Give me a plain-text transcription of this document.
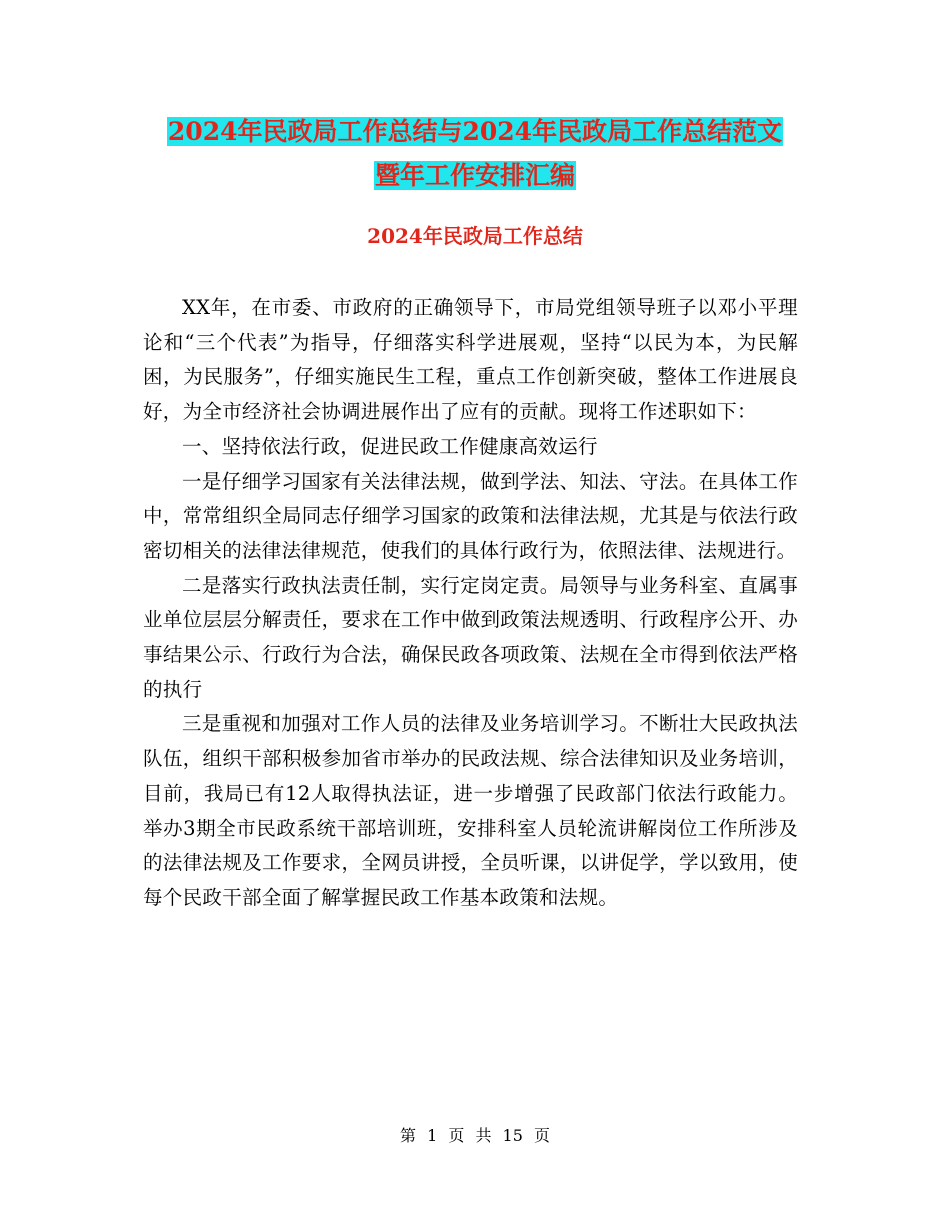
2024年民政局工作总结与2024年民政局工作总结范文
暨年工作安排汇编
2024年民政局工作总结

XX年，在市委、市政府的正确领导下，市局党组领导班子以邓小平理论和“三个代表”为指导，仔细落实科学进展观，坚持“以民为本，为民解困，为民服务”，仔细实施民生工程，重点工作创新突破，整体工作进展良好，为全市经济社会协调进展作出了应有的贡献。现将工作述职如下：

一、坚持依法行政，促进民政工作健康高效运行

一是仔细学习国家有关法律法规，做到学法、知法、守法。在具体工作中，常常组织全局同志仔细学习国家的政策和法律法规，尤其是与依法行政密切相关的法律法律规范，使我们的具体行政行为，依照法律、法规进行。

二是落实行政执法责任制，实行定岗定责。局领导与业务科室、直属事业单位层层分解责任，要求在工作中做到政策法规透明、行政程序公开、办事结果公示、行政行为合法，确保民政各项政策、法规在全市得到依法严格的执行

三是重视和加强对工作人员的法律及业务培训学习。不断壮大民政执法队伍，组织干部积极参加省市举办的民政法规、综合法律知识及业务培训，目前，我局已有12人取得执法证，进一步增强了民政部门依法行政能力。举办3期全市民政系统干部培训班，安排科室人员轮流讲解岗位工作所涉及的法律法规及工作要求，全网员讲授，全员听课，以讲促学，学以致用，使每个民政干部全面了解掌握民政工作基本政策和法规。

第 1 页 共 15 页
